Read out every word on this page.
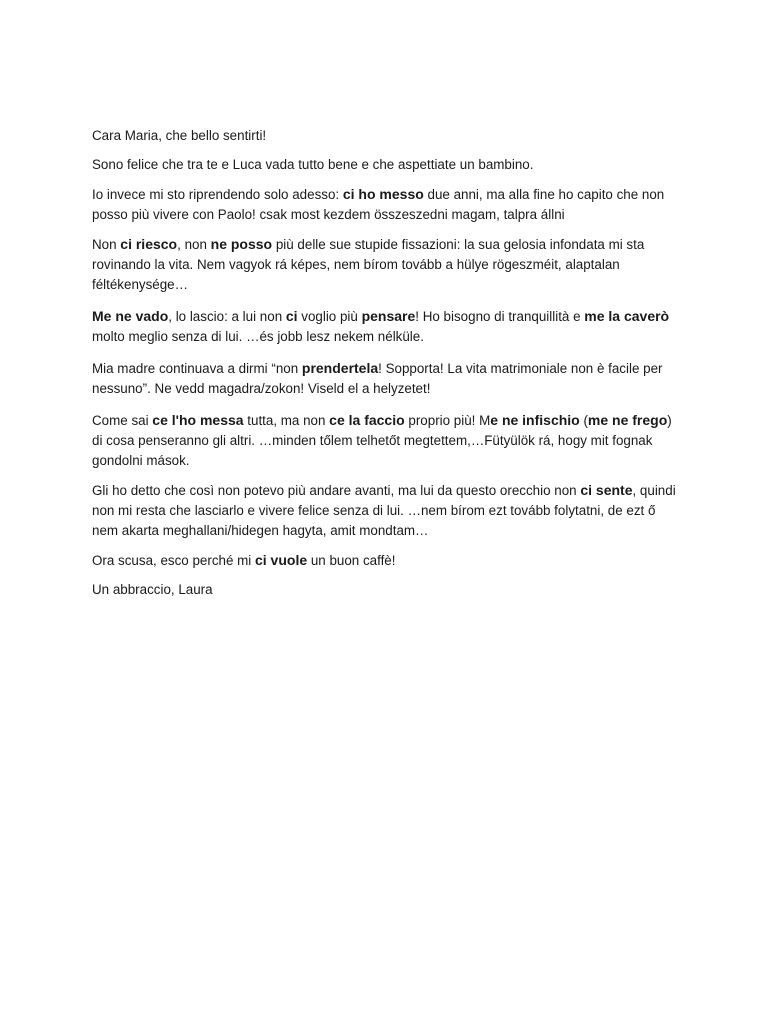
Cara Maria, che bello sentirti!

Sono felice che tra te e Luca vada tutto bene e che aspettiate un bambino.

Io invece mi sto riprendendo solo adesso: ci ho messo due anni, ma alla fine ho capito che non posso più vivere con Paolo! csak most kezdem összeszedni magam, talpra állni

Non ci riesco, non ne posso più delle sue stupide fissazioni: la sua gelosia infondata mi sta rovinando la vita. Nem vagyok rá képes, nem bírom tovább a hülye rögeszméit, alaptalan féltékenysége…

Me ne vado, lo lascio: a lui non ci voglio più pensare! Ho bisogno di tranquillità e me la caverò molto meglio senza di lui. …és jobb lesz nekem nélküle.

Mia madre continuava a dirmi “non prendertela! Sopporta! La vita matrimoniale non è facile per nessuno”. Ne vedd magadra/zokon! Viseld el a helyzetet!

Come sai ce l'ho messa tutta, ma non ce la faccio proprio più! Me ne infischio (me ne frego) di cosa penseranno gli altri. …minden tőlem telhetőt megtettem,…Fütyülök rá, hogy mit fognak gondolni mások.

Gli ho detto che così non potevo più andare avanti, ma lui da questo orecchio non ci sente, quindi non mi resta che lasciarlo e vivere felice senza di lui. …nem bírom ezt tovább folytatni, de ezt ő nem akarta meghallani/hidegen hagyta, amit mondtam…

Ora scusa, esco perché mi ci vuole un buon caffè!

Un abbraccio, Laura
